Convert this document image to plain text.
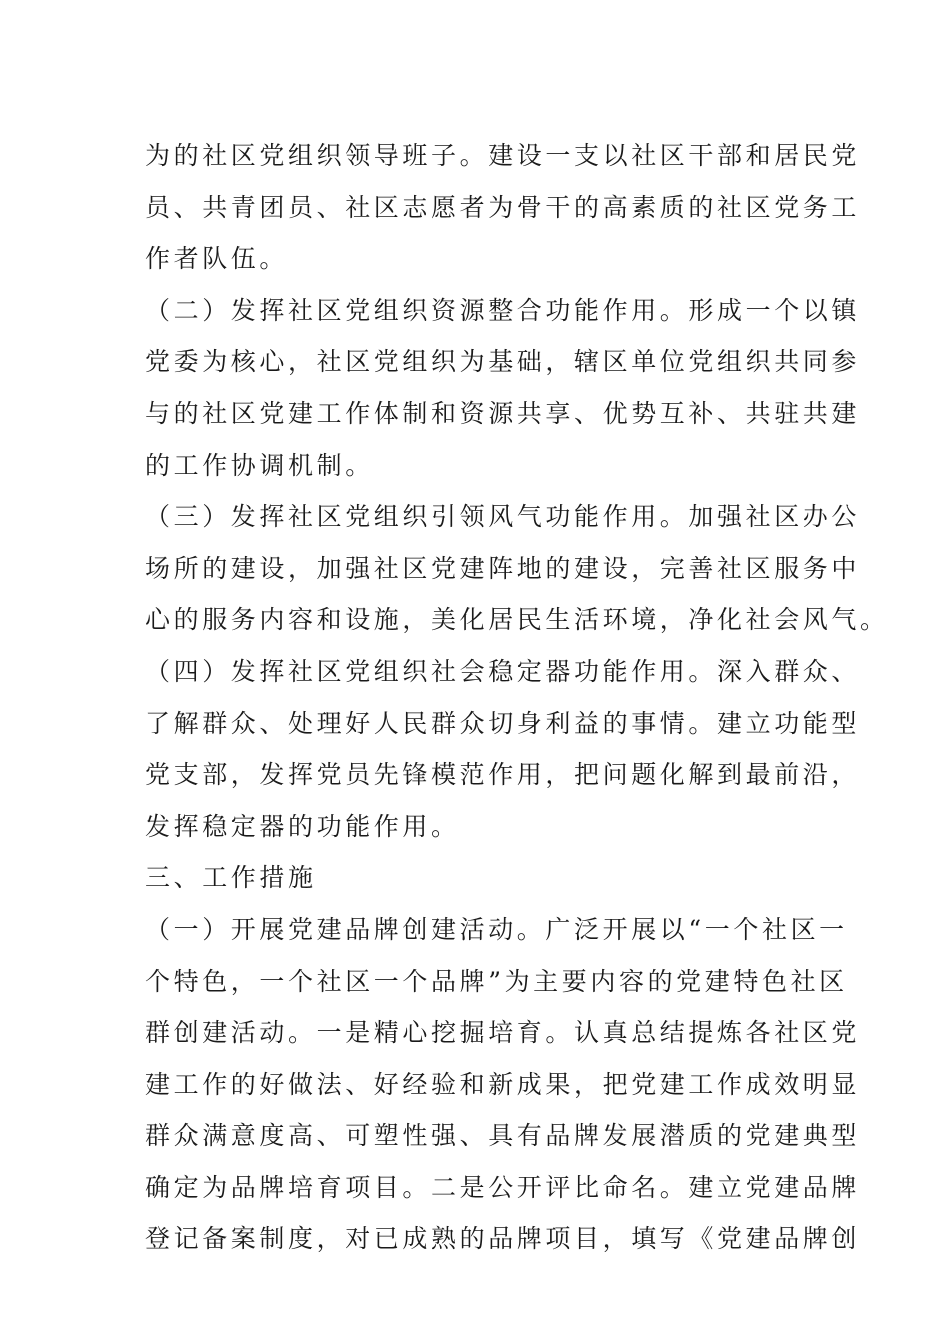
为的社区党组织领导班子。建设一支以社区干部和居民党
员、共青团员、社区志愿者为骨干的高素质的社区党务工
作者队伍。
（二）发挥社区党组织资源整合功能作用。形成一个以镇
党委为核心，社区党组织为基础，辖区单位党组织共同参
与的社区党建工作体制和资源共享、优势互补、共驻共建
的工作协调机制。
（三）发挥社区党组织引领风气功能作用。加强社区办公
场所的建设，加强社区党建阵地的建设，完善社区服务中
心的服务内容和设施，美化居民生活环境，净化社会风气。
（四）发挥社区党组织社会稳定器功能作用。深入群众、
了解群众、处理好人民群众切身利益的事情。建立功能型
党支部，发挥党员先锋模范作用，把问题化解到最前沿，
发挥稳定器的功能作用。
三、工作措施
（一）开展党建品牌创建活动。广泛开展以“一个社区一
个特色，一个社区一个品牌”为主要内容的党建特色社区
群创建活动。一是精心挖掘培育。认真总结提炼各社区党
建工作的好做法、好经验和新成果，把党建工作成效明显
群众满意度高、可塑性强、具有品牌发展潜质的党建典型
确定为品牌培育项目。二是公开评比命名。建立党建品牌
登记备案制度，对已成熟的品牌项目，填写《党建品牌创
